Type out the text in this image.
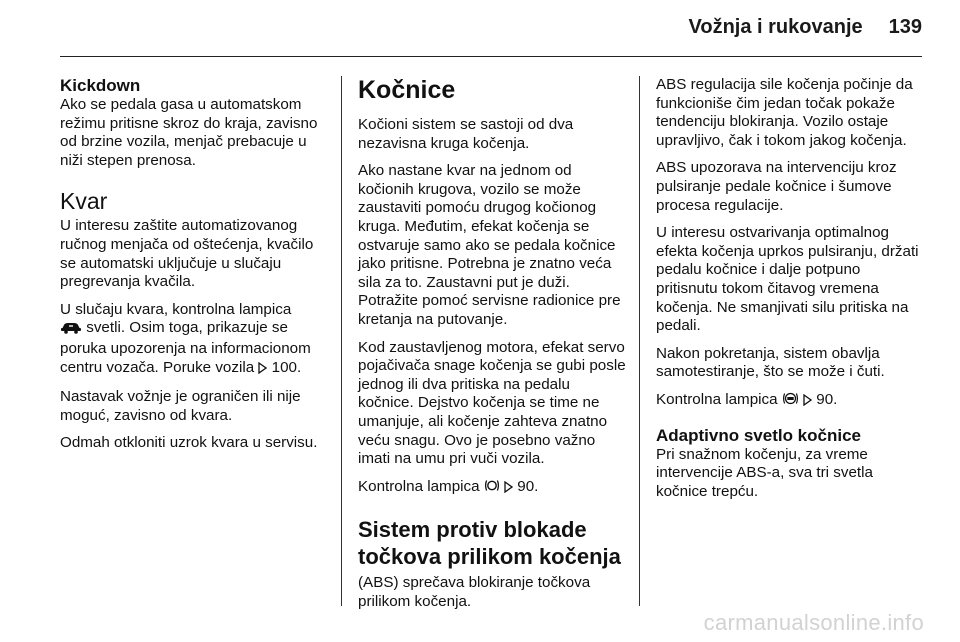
Vožnja i rukovanje 139
Kickdown

Ako se pedala gasa u automatskom režimu pritisne skroz do kraja, zavisno od brzine vozila, menjač prebacuje u niži stepen prenosa.

Kvar

U interesu zaštite automatizovanog ručnog menjača od oštećenja, kvačilo se automatski uključuje u slučaju pregrevanja kvačila.

U slučaju kvara, kontrolna lampica
svetli. Osim toga, prikazuje se poruka upozorenja na informacionom centru vozača. Poruke vozila 100.

Nastavak vožnje je ograničen ili nije moguć, zavisno od kvara.

Odmah otkloniti uzrok kvara u servisu.

Kočnice

Kočioni sistem se sastoji od dva nezavisna kruga kočenja.

Ako nastane kvar na jednom od kočionih krugova, vozilo se može zaustaviti pomoću drugog kočionog kruga. Međutim, efekat kočenja se ostvaruje samo ako se pedala kočnice jako pritisne. Potrebna je znatno veća sila za to. Zaustavni put je duži. Potražite pomoć servisne radionice pre kretanja na putovanje.

Kod zaustavljenog motora, efekat servo pojačivača snage kočenja se gubi posle jednog ili dva pritiska na pedalu kočnice. Dejstvo kočenja se time ne umanjuje, ali kočenje zahteva znatno veću snagu. Ovo je posebno važno imati na umu pri vuči vozila.

Kontrolna lampica 90.

Sistem protiv blokade točkova prilikom kočenja

(ABS) sprečava blokiranje točkova prilikom kočenja.

ABS regulacija sile kočenja počinje da funkcioniše čim jedan točak pokaže tendenciju blokiranja. Vozilo ostaje upravljivo, čak i tokom jakog kočenja.

ABS upozorava na intervenciju kroz pulsiranje pedale kočnice i šumove procesa regulacije.

U interesu ostvarivanja optimalnog efekta kočenja uprkos pulsiranju, držati pedalu kočnice i dalje potpuno pritisnutu tokom čitavog vremena kočenja. Ne smanjivati silu pritiska na pedali.

Nakon pokretanja, sistem obavlja samotestiranje, što se može i čuti.

Kontrolna lampica	90.

Adaptivno svetlo kočnice

Pri snažnom kočenju, za vreme intervencije ABS-a, sva tri svetla kočnice trepću.

carmanualsonline.info
